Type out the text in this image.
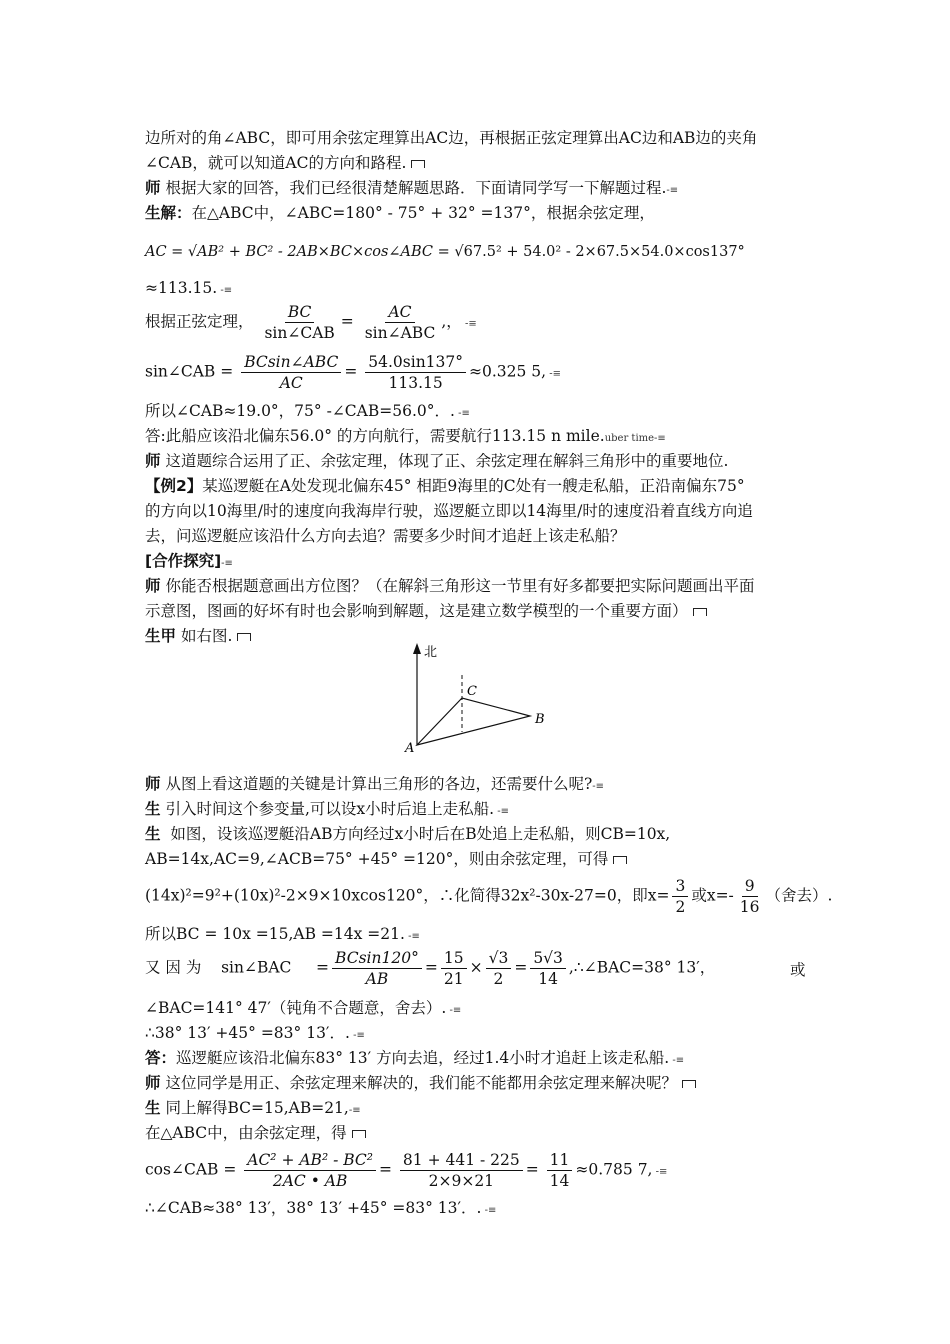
边所对的角∠ABC，即可用余弦定理算出AC边，再根据正弦定理算出AC边和AB边的夹角
∠CAB，就可以知道AC的方向和路程.
师 根据大家的回答，我们已经很清楚解题思路．下面请同学写一下解题过程.-≡
生解：在△ABC中，∠ABC=180° - 75° + 32° =137°，根据余弦定理，
AC = √AB² + BC² - 2AB×BC×cos∠ABC = √67.5² + 54.0² - 2×67.5×54.0×cos137°
≈113.15. -≡
根据正弦定理， $\frac{BC}{\text{sin∠CAB}} = \frac{AC}{\text{sin∠ABC}}$ ,， -≡
sin∠CAB = $\frac{\text{BCsin∠ABC}}{AC} = \frac{54.0\sin 137^\circ}{113.15} \approx 0.325$ 5, -≡
所以∠CAB≈19.0°，75° -∠CAB=56.0°．. -≡
答:此船应该沿北偏东56.0° 的方向航行，需要航行113.15 n mile.uber time-≡
师 这道题综合运用了正、余弦定理，体现了正、余弦定理在解斜三角形中的重要地位.
【例2】某巡逻艇在A处发现北偏东45° 相距9海里的C处有一艘走私船，正沿南偏东75°
的方向以10海里/时的速度向我海岸行驶，巡逻艇立即以14海里/时的速度沿着直线方向追
去，问巡逻艇应该沿什么方向去追？需要多少时间才追赶上该走私船？
[合作探究]-≡
师 你能否根据题意画出方位图？（在解斜三角形这一节里有好多都要把实际问题画出平面
示意图，图画的好坏有时也会影响到解题，这是建立数学模型的一个重要方面）
生甲 如右图.
北
A
B
C
师 从图上看这道题的关键是计算出三角形的各边，还需要什么呢?-≡
生 引入时间这个参变量,可以设x小时后追上走私船. -≡
生 如图，设该巡逻艇沿AB方向经过x小时后在B处追上走私船，则CB=10x,
AB=14x,AC=9,∠ACB=75° +45° =120°，则由余弦定理，可得
(14x)²=9²+(10x)²-2×9×10xcos120°，∴化简得32x²-30x-27=0，即$x= \frac{3}{2}$ 或$x=- \frac{9}{16}$ （舍去）.
所以BC = 10x =15,AB =14x =21. -≡
又 因 为 sin∠BAC = $\frac{BCsin120^\circ}{AB} = \frac{15}{21} \times \frac{√3}{2} = \frac{5√3}{14}$ ,∴∠BAC=38° 13′，	或
∠BAC=141° 47′（钝角不合题意，舍去）. -≡
∴38° 13′ +45° =83° 13′．. -≡
答：巡逻艇应该沿北偏东83° 13′ 方向去追，经过1.4小时才追赶上该走私船. -≡
师 这位同学是用正、余弦定理来解决的，我们能不能都用余弦定理来解决呢？
生 同上解得BC=15,AB=21,-≡
在△ABC中，由余弦定理，得
cos∠CAB = $\frac{\text{AC² + AB² - BC²}}{2AC • AB} = \frac{81 + 441 - 225}{2\times 9\times 21} = \frac{11}{14} \approx 0.785$ 7, -≡
∴∠CAB≈38° 13′，38° 13′ +45° =83° 13′．. -≡
